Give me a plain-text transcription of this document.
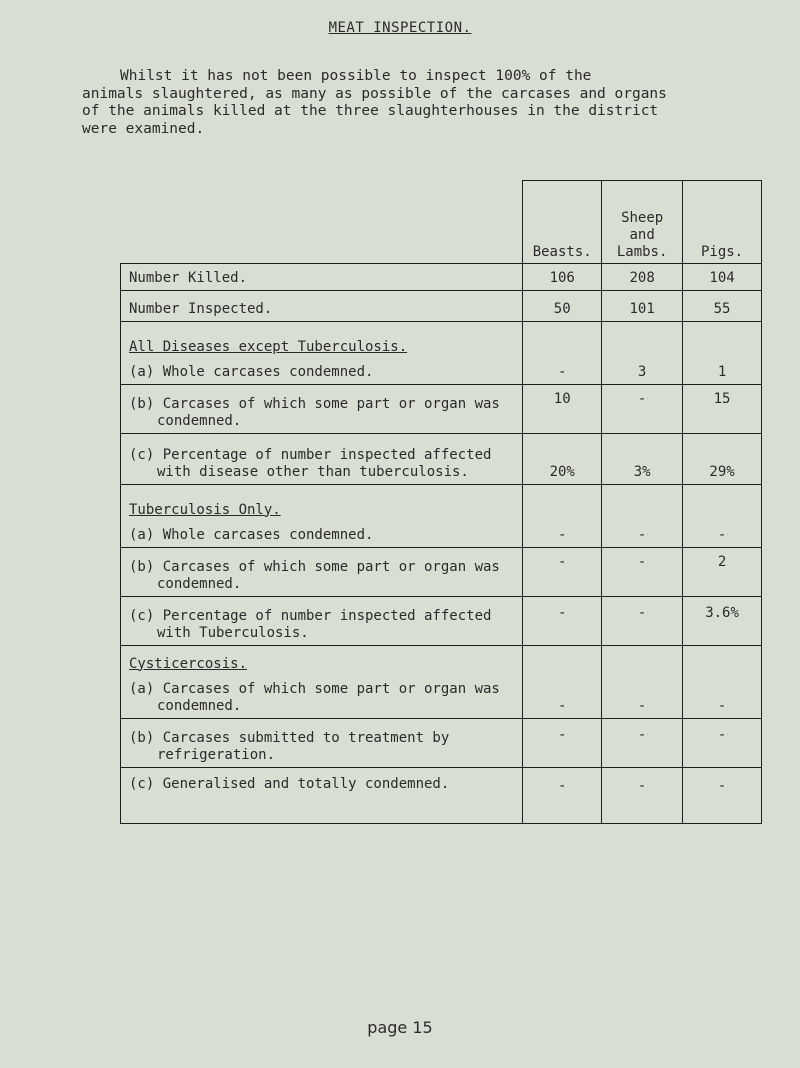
MEAT INSPECTION.

Whilst it has not been possible to inspect 100% of the

animals slaughtered, as many as possible of the carcases and organs

of the animals killed at the three slaughterhouses in the district

were examined.

	Beasts.	Sheep
and
Lambs.	Pigs.
Number Killed.	106	208	104
Number Inspected.	50	101	55

All Diseases except Tuberculosis.
(a) Whole carcases condemned.	-	3	1

(b) Carcases of which some part or organ was condemned.	10	-	15

(c) Percentage of number inspected affected with disease other than tuberculosis.	20%	3%	29%

Tuberculosis Only.
(a) Whole carcases condemned.	-	-	-

(b) Carcases of which some part or organ was condemned.	-	-	2

(c) Percentage of number inspected affected with Tuberculosis.	-	-	3.6%

Cysticercosis.
(a) Carcases of which some part or organ was condemned.	-	-	-

(b) Carcases submitted to treatment by refrigeration.	-	-	-

(c) Generalised and totally condemned.	-	-	-
page 15
